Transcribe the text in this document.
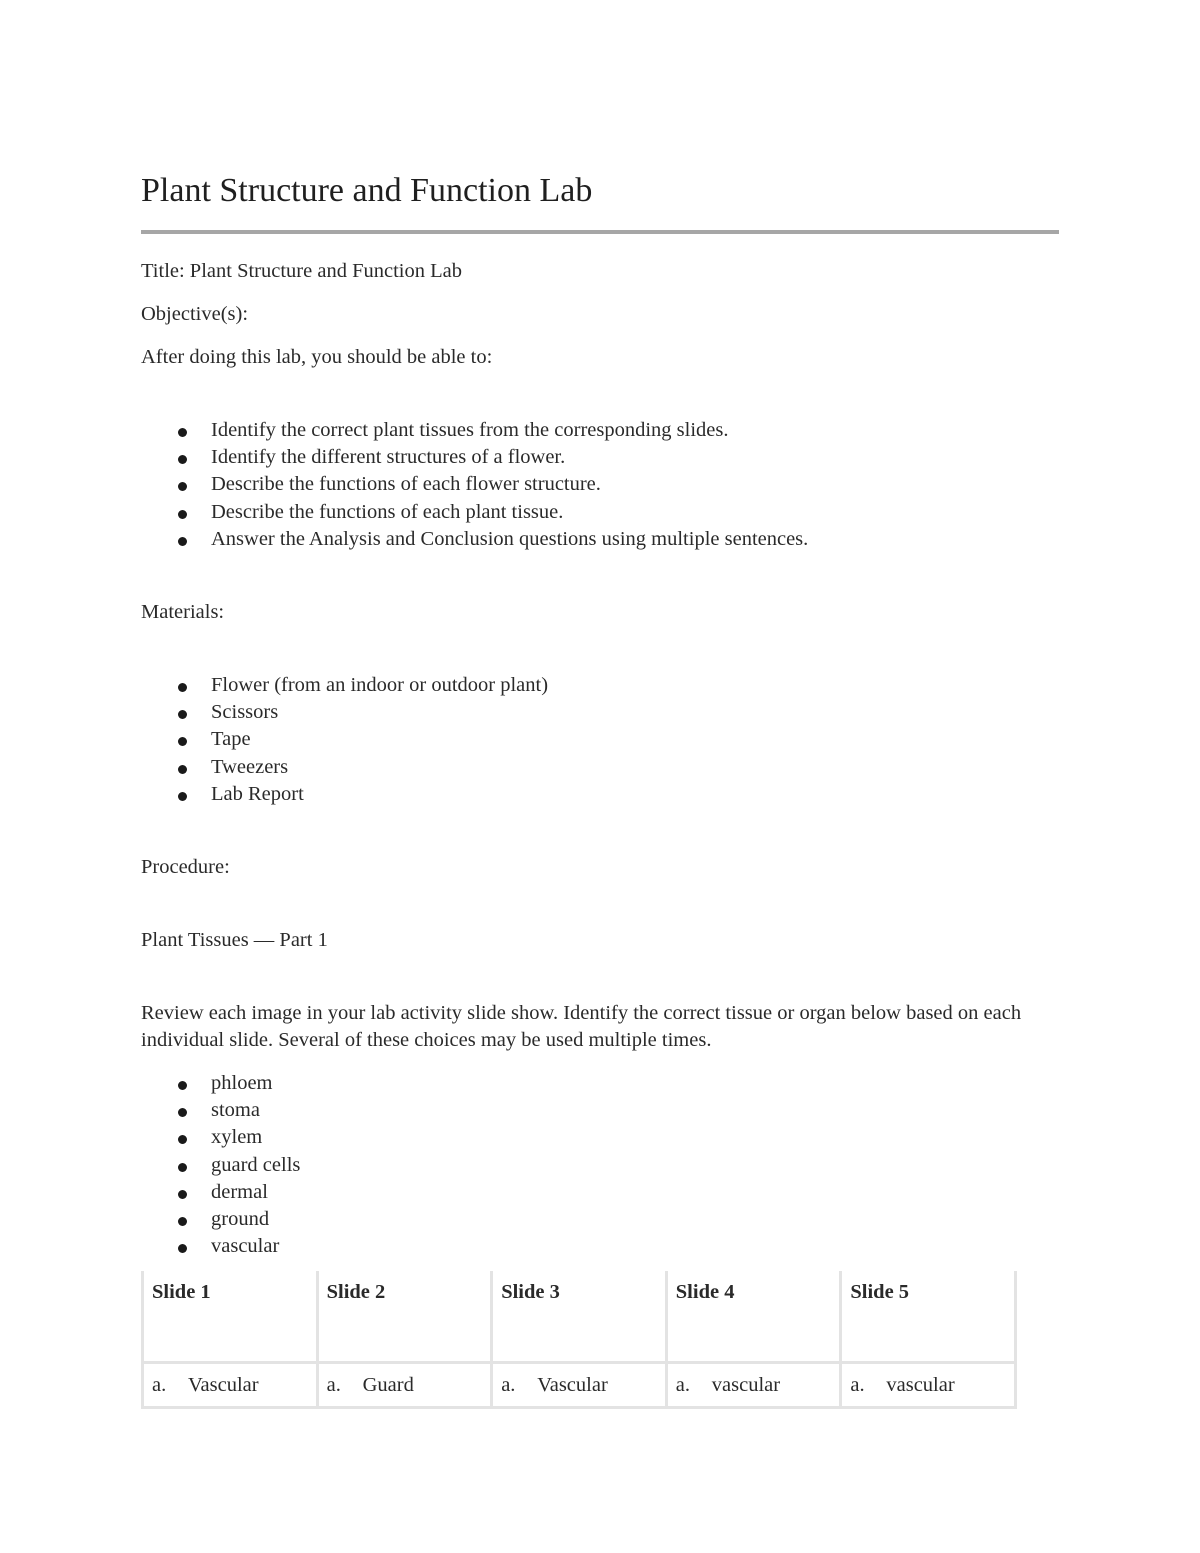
Plant Structure and Function Lab

Title: Plant Structure and Function Lab

Objective(s):

After doing this lab, you should be able to:

Identify the correct plant tissues from the corresponding slides.
Identify the different structures of a flower.
Describe the functions of each flower structure.
Describe the functions of each plant tissue.
Answer the Analysis and Conclusion questions using multiple sentences.

Materials:

Flower (from an indoor or outdoor plant)
Scissors
Tape
Tweezers
Lab Report

Procedure:

Plant Tissues — Part 1

Review each image in your lab activity slide show. Identify the correct tissue or organ below based on each individual slide. Several of these choices may be used multiple times.

phloem
stoma
xylem
guard cells
dermal
ground
vascular
Slide 1	Slide 2	Slide 3	Slide 4	Slide 5
a. Vascular	a. Guard	a. Vascular	a. vascular	a. vascular
